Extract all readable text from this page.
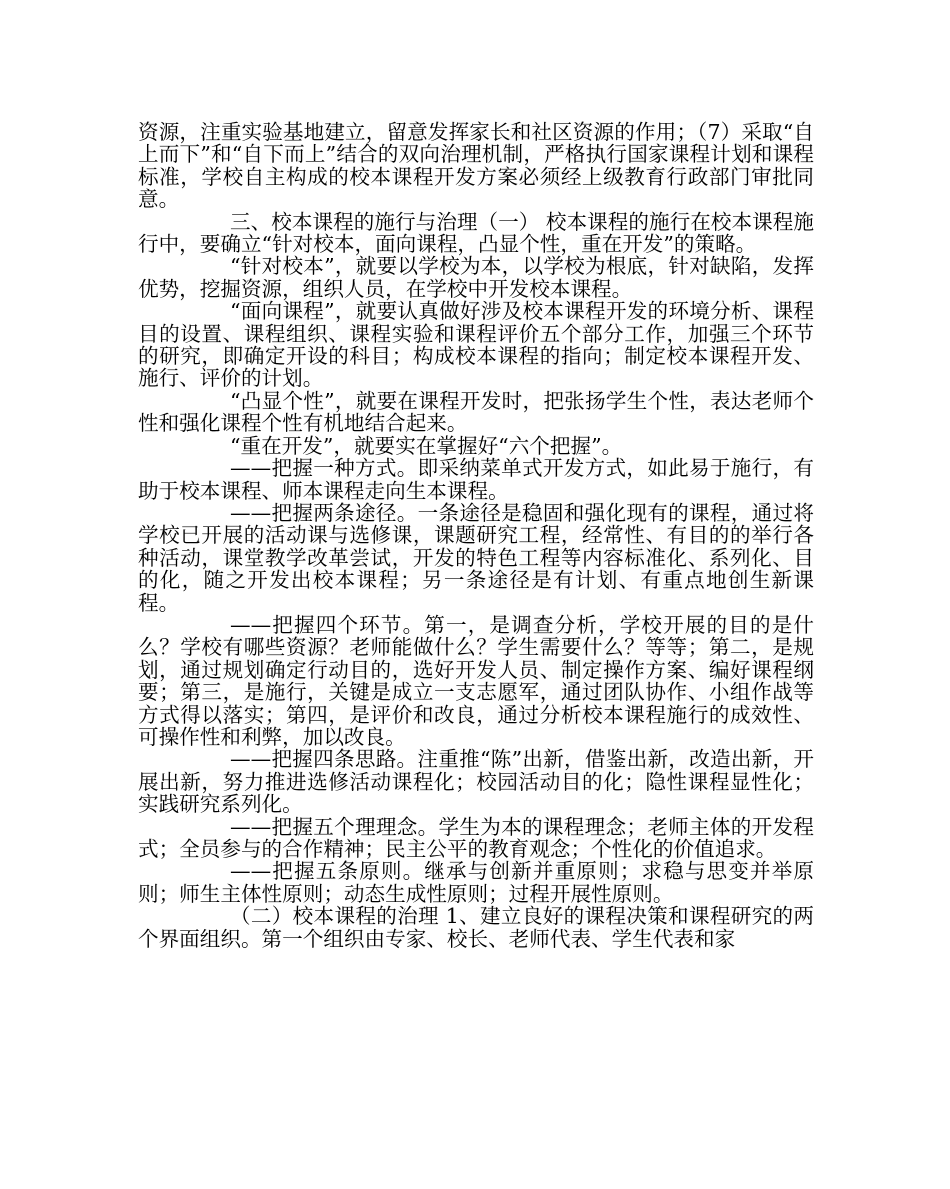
资源，注重实验基地建立，留意发挥家长和社区资源的作用；（7）采取“自上而下”和“自下而上”结合的双向治理机制，严格执行国家课程计划和课程标准，学校自主构成的校本课程开发方案必须经上级教育行政部门审批同意。

三、校本课程的施行与治理（一） 校本课程的施行在校本课程施行中，要确立“针对校本，面向课程，凸显个性，重在开发”的策略。

“针对校本”，就要以学校为本，以学校为根底，针对缺陷，发挥优势，挖掘资源，组织人员，在学校中开发校本课程。

“面向课程”，就要认真做好涉及校本课程开发的环境分析、课程目的设置、课程组织、课程实验和课程评价五个部分工作，加强三个环节的研究，即确定开设的科目；构成校本课程的指向；制定校本课程开发、施行、评价的计划。

“凸显个性”，就要在课程开发时，把张扬学生个性，表达老师个性和强化课程个性有机地结合起来。

“重在开发”，就要实在掌握好“六个把握”。

——把握一种方式。即采纳菜单式开发方式，如此易于施行，有助于校本课程、师本课程走向生本课程。

——把握两条途径。一条途径是稳固和强化现有的课程，通过将学校已开展的活动课与选修课，课题研究工程，经常性、有目的的举行各种活动，课堂教学改革尝试，开发的特色工程等内容标准化、系列化、目的化，随之开发出校本课程；另一条途径是有计划、有重点地创生新课程。

——把握四个环节。第一，是调查分析，学校开展的目的是什么？学校有哪些资源？老师能做什么？学生需要什么？等等；第二，是规划，通过规划确定行动目的，选好开发人员、制定操作方案、编好课程纲要；第三，是施行，关键是成立一支志愿军，通过团队协作、小组作战等方式得以落实；第四，是评价和改良，通过分析校本课程施行的成效性、可操作性和利弊，加以改良。

——把握四条思路。注重推“陈”出新，借鉴出新，改造出新，开展出新，努力推进选修活动课程化；校园活动目的化；隐性课程显性化；实践研究系列化。

——把握五个理理念。学生为本的课程理念；老师主体的开发程式；全员参与的合作精神；民主公平的教育观念；个性化的价值追求。

——把握五条原则。继承与创新并重原则；求稳与思变并举原则；师生主体性原则；动态生成性原则；过程开展性原则。

（二）校本课程的治理 1、建立良好的课程决策和课程研究的两个界面组织。第一个组织由专家、校长、老师代表、学生代表和家
